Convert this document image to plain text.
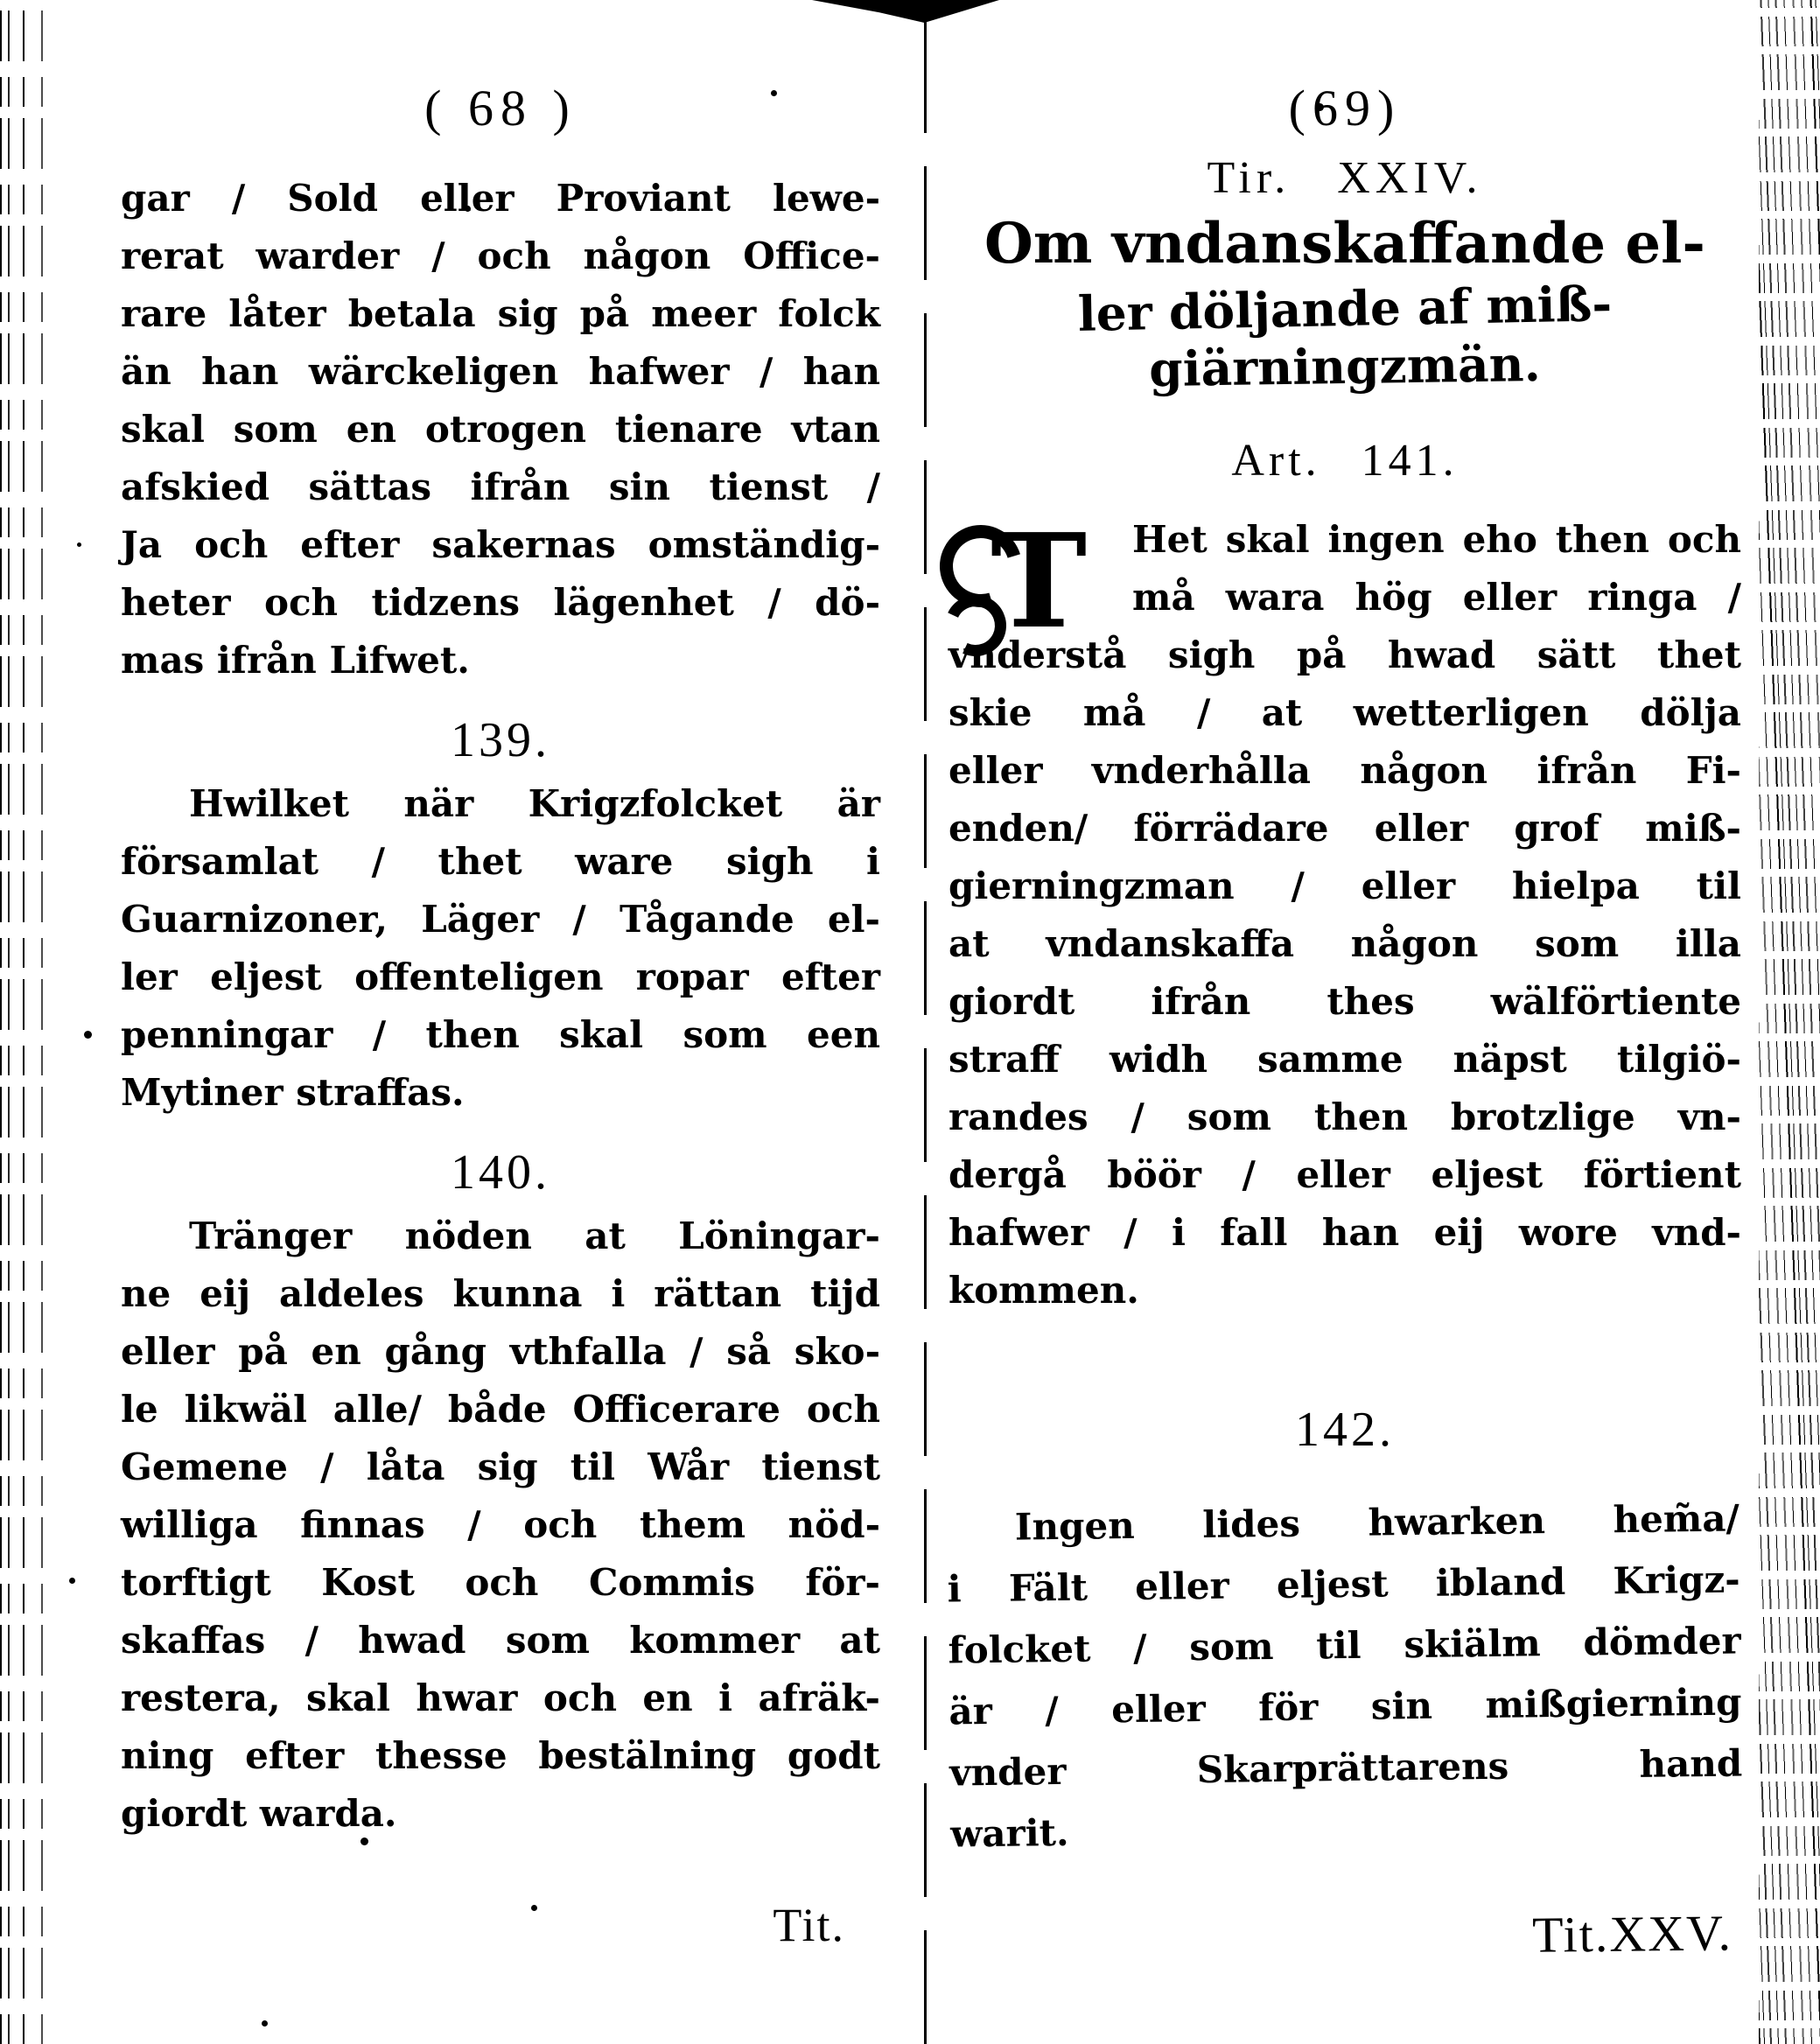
( 68 )
gar / Sold eller Proviant lewe-
rerat warder / och någon Office-
rare låter betala sig på meer folck
än han wärckeligen hafwer / han
skal som en otrogen tienare vtan
afskied sättas ifrån sin tienst /
Ja och efter sakernas omständig-
heter och tidzens lägenhet / dö-
mas ifrån Lifwet.
139.
Hwilket när Krigzfolcket är
församlat / thet ware sigh i
Guarnizoner, Läger / Tågande el-
ler eljest offenteligen ropar efter
penningar / then skal som een
Mytiner straffas.
140.
Tränger nöden at Löningar-
ne eij aldeles kunna i rättan tijd
eller på en gång vthfalla / så sko-
le likwäl alle/ både Officerare och
Gemene / låta sig til Wår tienst
williga finnas / och them nöd-
torftigt Kost och Commis för-
skaffas / hwad som kommer at
restera, skal hwar och en i afräk-
ning efter thesse bestälning godt
giordt warda.
Tit.
(69)
Tir. XXIV.
Om vndanskaffande el-
ler döljande af miß-
giärningzmän.
Art. 141.
T Het skal ingen eho then och
må wara hög eller ringa /
vnderstå sigh på hwad sätt thet
skie må / at wetterligen dölja
eller vnderhålla någon ifrån Fi-
enden/ förrädare eller grof miß-
gierningzman / eller hielpa til
at vndanskaffa någon som illa
giordt ifrån thes wälförtiente
straff widh samme näpst tilgiö-
randes / som then brotzlige vn-
dergå böör / eller eljest förtient
hafwer / i fall han eij wore vnd-
kommen.
142.
Ingen lides hwarken hem̃a/
i Fält eller eljest ibland Krigz-
folcket / som til skiälm dömder
är / eller för sin mißgierning
vnder Skarprättarens hand
warit.
Tit.XXV.
